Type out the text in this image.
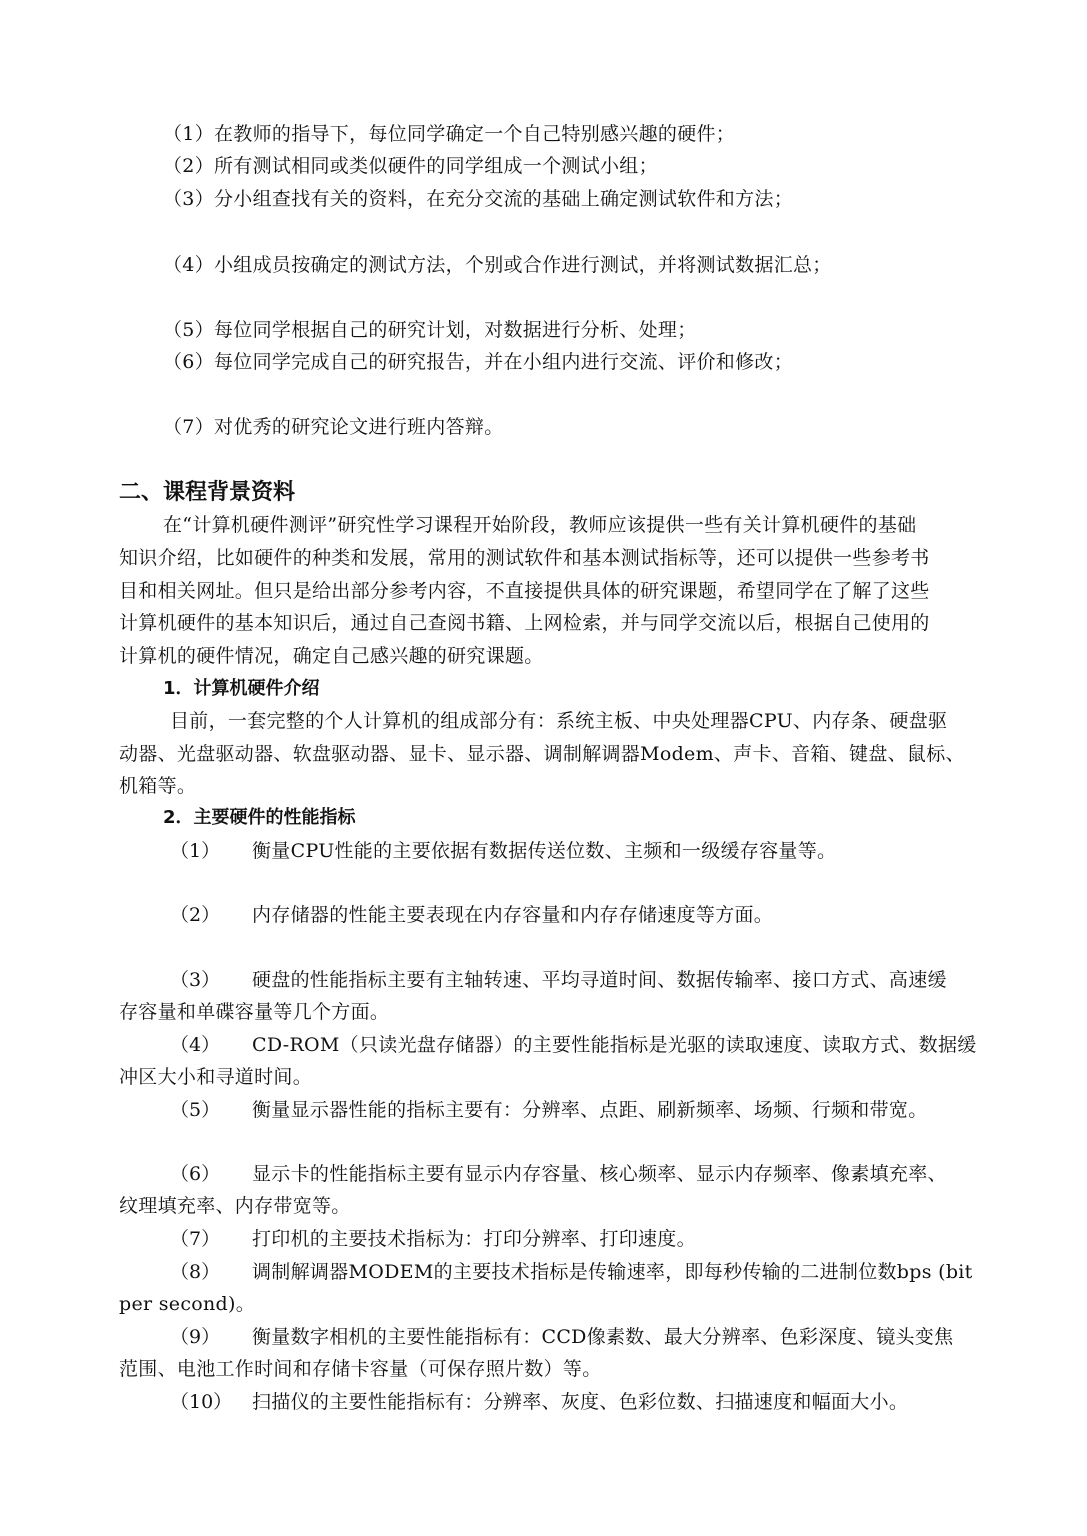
（1）在教师的指导下，每位同学确定一个自己特别感兴趣的硬件；
（2）所有测试相同或类似硬件的同学组成一个测试小组；
（3）分小组查找有关的资料，在充分交流的基础上确定测试软件和方法；
（4）小组成员按确定的测试方法，个别或合作进行测试，并将测试数据汇总；
（5）每位同学根据自己的研究计划，对数据进行分析、处理；
（6）每位同学完成自己的研究报告，并在小组内进行交流、评价和修改；
（7）对优秀的研究论文进行班内答辩。
二、课程背景资料
在“计算机硬件测评”研究性学习课程开始阶段，教师应该提供一些有关计算机硬件的基础
知识介绍，比如硬件的种类和发展，常用的测试软件和基本测试指标等，还可以提供一些参考书
目和相关网址。但只是给出部分参考内容，不直接提供具体的研究课题，希望同学在了解了这些
计算机硬件的基本知识后，通过自己查阅书籍、上网检索，并与同学交流以后，根据自己使用的
计算机的硬件情况，确定自己感兴趣的研究课题。
1．计算机硬件介绍
目前，一套完整的个人计算机的组成部分有：系统主板、中央处理器CPU、内存条、硬盘驱
动器、光盘驱动器、软盘驱动器、显卡、显示器、调制解调器Modem、声卡、音箱、键盘、鼠标、
机箱等。
2．主要硬件的性能指标
（1） 衡量CPU性能的主要依据有数据传送位数、主频和一级缓存容量等。
（2） 内存储器的性能主要表现在内存容量和内存存储速度等方面。
（3） 硬盘的性能指标主要有主轴转速、平均寻道时间、数据传输率、接口方式、高速缓
存容量和单碟容量等几个方面。
（4） CD-ROM（只读光盘存储器）的主要性能指标是光驱的读取速度、读取方式、数据缓
冲区大小和寻道时间。
（5） 衡量显示器性能的指标主要有：分辨率、点距、刷新频率、场频、行频和带宽。
（6） 显示卡的性能指标主要有显示内存容量、核心频率、显示内存频率、像素填充率、
纹理填充率、内存带宽等。
（7） 打印机的主要技术指标为：打印分辨率、打印速度。
（8） 调制解调器MODEM的主要技术指标是传输速率，即每秒传输的二进制位数bps (bit
per second)。
（9） 衡量数字相机的主要性能指标有：CCD像素数、最大分辨率、色彩深度、镜头变焦
范围、电池工作时间和存储卡容量（可保存照片数）等。
（10） 扫描仪的主要性能指标有：分辨率、灰度、色彩位数、扫描速度和幅面大小。
